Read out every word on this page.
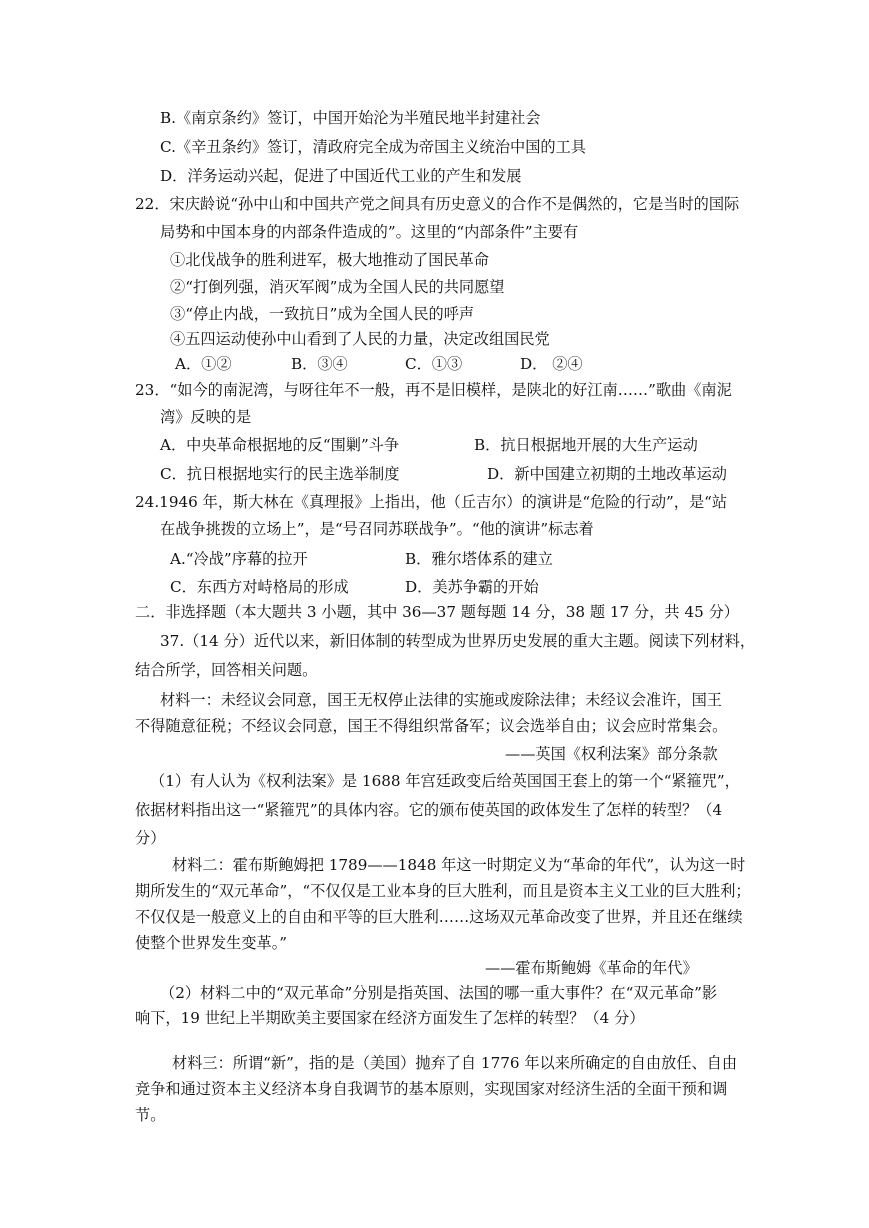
B.《南京条约》签订，中国开始沦为半殖民地半封建社会

C.《辛丑条约》签订，清政府完全成为帝国主义统治中国的工具

D．洋务运动兴起，促进了中国近代工业的产生和发展

22．宋庆龄说“孙中山和中国共产党之间具有历史意义的合作不是偶然的，它是当时的国际

局势和中国本身的内部条件造成的”。这里的“内部条件”主要有

①北伐战争的胜利进军，极大地推动了国民革命

②“打倒列强，消灭军阀”成为全国人民的共同愿望

③“停止内战，一致抗日”成为全国人民的呼声

④五四运动使孙中山看到了人民的力量，决定改组国民党

A．①②	B．③④	C．①③	D． ②④

23．“如今的南泥湾，与呀往年不一般，再不是旧模样，是陕北的好江南……”歌曲《南泥

湾》反映的是

A．中央革命根据地的反“围剿”斗争	B．抗日根据地开展的大生产运动
C．抗日根据地实行的民主选举制度	D．新中国建立初期的土地改革运动

24.1946 年，斯大林在《真理报》上指出，他（丘吉尔）的演讲是“危险的行动”，是“站

在战争挑拨的立场上”，是“号召同苏联战争”。“他的演讲”标志着

A.“冷战”序幕的拉开	B．雅尔塔体系的建立
C．东西方对峙格局的形成	D．美苏争霸的开始

二．非选择题（本大题共 3 小题，其中 36—37 题每题 14 分，38 题 17 分，共 45 分）

37.（14 分）近代以来，新旧体制的转型成为世界历史发展的重大主题。阅读下列材料，

结合所学，回答相关问题。

材料一：未经议会同意，国王无权停止法律的实施或废除法律；未经议会准许，国王

不得随意征税；不经议会同意，国王不得组织常备军；议会选举自由；议会应时常集会。

——英国《权利法案》部分条款

（1）有人认为《权利法案》是 1688 年宫廷政变后给英国国王套上的第一个“紧箍咒”，

依据材料指出这一“紧箍咒”的具体内容。它的颁布使英国的政体发生了怎样的转型？（4

分）

材料二：霍布斯鲍姆把 1789——1848 年这一时期定义为“革命的年代”，认为这一时

期所发生的“双元革命”，“不仅仅是工业本身的巨大胜利，而且是资本主义工业的巨大胜利；

不仅仅是一般意义上的自由和平等的巨大胜利……这场双元革命改变了世界，并且还在继续

使整个世界发生变革。”

——霍布斯鲍姆《革命的年代》

（2）材料二中的“双元革命”分别是指英国、法国的哪一重大事件？在“双元革命”影

响下，19 世纪上半期欧美主要国家在经济方面发生了怎样的转型？（4 分）

材料三：所谓“新”，指的是（美国）抛弃了自 1776 年以来所确定的自由放任、自由

竞争和通过资本主义经济本身自我调节的基本原则，实现国家对经济生活的全面干预和调

节。
